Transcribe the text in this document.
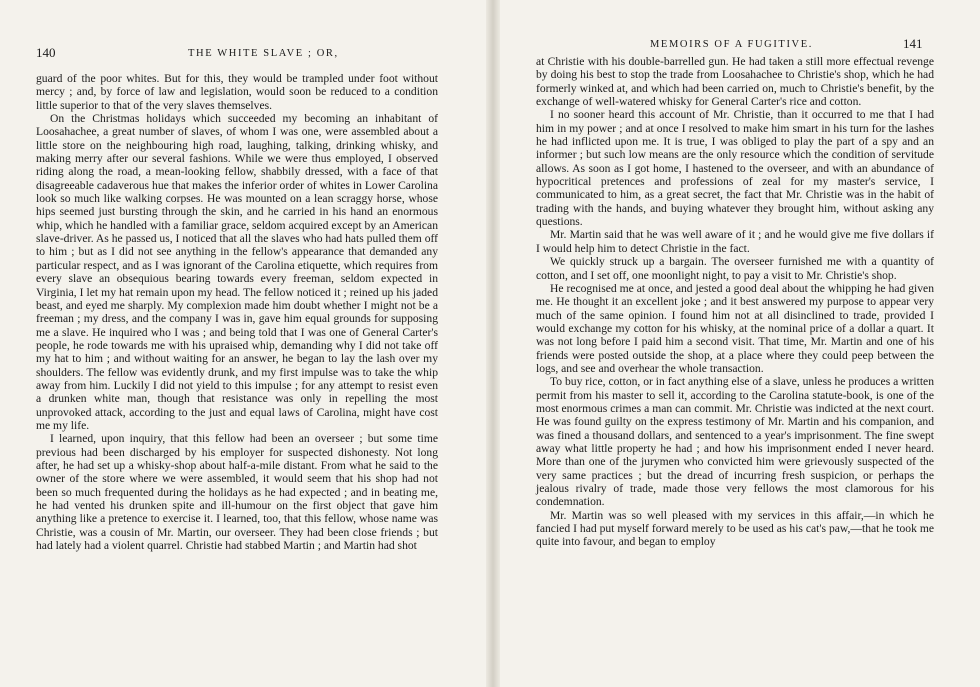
140	THE WHITE SLAVE ; OR,

guard of the poor whites. But for this, they would be trampled under foot without mercy ; and, by force of law and legislation, would soon be reduced to a condition little superior to that of the very slaves themselves.

On the Christmas holidays which succeeded my becoming an inhabitant of Loosahachee, a great number of slaves, of whom I was one, were assembled about a little store on the neighbouring high road, laughing, talking, drinking whisky, and making merry after our several fashions. While we were thus employed, I observed riding along the road, a mean-looking fellow, shabbily dressed, with a face of that disagreeable cadaverous hue that makes the inferior order of whites in Lower Carolina look so much like walking corpses. He was mounted on a lean scraggy horse, whose hips seemed just bursting through the skin, and he carried in his hand an enormous whip, which he handled with a familiar grace, seldom acquired except by an American slave-driver. As he passed us, I noticed that all the slaves who had hats pulled them off to him ; but as I did not see anything in the fellow's appearance that demanded any particular respect, and as I was ignorant of the Carolina etiquette, which requires from every slave an obsequious bearing towards every freeman, seldom expected in Virginia, I let my hat remain upon my head. The fellow noticed it ; reined up his jaded beast, and eyed me sharply. My complexion made him doubt whether I might not be a freeman ; my dress, and the company I was in, gave him equal grounds for supposing me a slave. He inquired who I was ; and being told that I was one of General Carter's people, he rode towards me with his upraised whip, demanding why I did not take off my hat to him ; and without waiting for an answer, he began to lay the lash over my shoulders. The fellow was evidently drunk, and my first impulse was to take the whip away from him. Luckily I did not yield to this impulse ; for any attempt to resist even a drunken white man, though that resistance was only in repelling the most unprovoked attack, according to the just and equal laws of Carolina, might have cost me my life.

I learned, upon inquiry, that this fellow had been an overseer ; but some time previous had been discharged by his employer for suspected dishonesty. Not long after, he had set up a whisky-shop about half-a-mile distant. From what he said to the owner of the store where we were assembled, it would seem that his shop had not been so much frequented during the holidays as he had expected ; and in beating me, he had vented his drunken spite and ill-humour on the first object that gave him anything like a pretence to exercise it. I learned, too, that this fellow, whose name was Christie, was a cousin of Mr. Martin, our overseer. They had been close friends ; but had lately had a violent quarrel. Christie had stabbed Martin ; and Martin had shot

MEMOIRS OF A FUGITIVE.	141

at Christie with his double-barrelled gun. He had taken a still more effectual revenge by doing his best to stop the trade from Loosahachee to Christie's shop, which he had formerly winked at, and which had been carried on, much to Christie's benefit, by the exchange of well-watered whisky for General Carter's rice and cotton.

I no sooner heard this account of Mr. Christie, than it occurred to me that I had him in my power ; and at once I resolved to make him smart in his turn for the lashes he had inflicted upon me. It is true, I was obliged to play the part of a spy and an informer ; but such low means are the only resource which the condition of servitude allows. As soon as I got home, I hastened to the overseer, and with an abundance of hypocritical pretences and professions of zeal for my master's service, I communicated to him, as a great secret, the fact that Mr. Christie was in the habit of trading with the hands, and buying whatever they brought him, without asking any questions.

Mr. Martin said that he was well aware of it ; and he would give me five dollars if I would help him to detect Christie in the fact.

We quickly struck up a bargain. The overseer furnished me with a quantity of cotton, and I set off, one moonlight night, to pay a visit to Mr. Christie's shop.

He recognised me at once, and jested a good deal about the whipping he had given me. He thought it an excellent joke ; and it best answered my purpose to appear very much of the same opinion. I found him not at all disinclined to trade, provided I would exchange my cotton for his whisky, at the nominal price of a dollar a quart. It was not long before I paid him a second visit. That time, Mr. Martin and one of his friends were posted outside the shop, at a place where they could peep between the logs, and see and overhear the whole transaction.

To buy rice, cotton, or in fact anything else of a slave, unless he produces a written permit from his master to sell it, according to the Carolina statute-book, is one of the most enormous crimes a man can commit. Mr. Christie was indicted at the next court. He was found guilty on the express testimony of Mr. Martin and his companion, and was fined a thousand dollars, and sentenced to a year's imprisonment. The fine swept away what little property he had ; and how his imprisonment ended I never heard. More than one of the jurymen who convicted him were grievously suspected of the very same practices ; but the dread of incurring fresh suspicion, or perhaps the jealous rivalry of trade, made those very fellows the most clamorous for his condemnation.

Mr. Martin was so well pleased with my services in this affair,—in which he fancied I had put myself forward merely to be used as his cat's paw,—that he took me quite into favour, and began to employ
